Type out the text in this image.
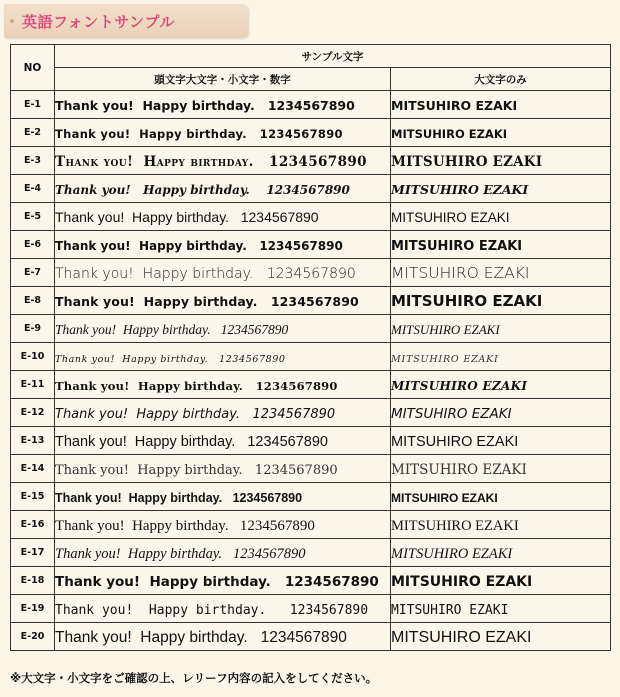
英語フォントサンプル
NO	サンプル文字	
	頭文字大文字・小文字・数字	大文字のみ
E-1	Thank you!  Happy birthday.   1234567890	MITSUHIRO EZAKI
E-2	Thank you!  Happy birthday.   1234567890	MITSUHIRO EZAKI
E-3	Thank you!  Happy birthday.   1234567890	MITSUHIRO EZAKI
E-4	Thank you!   Happy birthday.    1234567890	MITSUHIRO EZAKI
E-5	Thank you!  Happy birthday.   1234567890	MITSUHIRO EZAKI
E-6	Thank you!  Happy birthday.   1234567890	MITSUHIRO EZAKI
E-7	Thank you!  Happy birthday.   1234567890	MITSUHIRO EZAKI
E-8	Thank you!  Happy birthday.   1234567890	MITSUHIRO EZAKI
E-9	Thank you!  Happy birthday.   1234567890	MITSUHIRO EZAKI
E-10	Thank you!  Happy birthday.   1234567890	MITSUHIRO EZAKI
E-11	Thank you!  Happy birthday.   1234567890	MITSUHIRO EZAKI
E-12	Thank you!  Happy birthday.   1234567890	MITSUHIRO EZAKI
E-13	Thank you!  Happy birthday.   1234567890	MITSUHIRO EZAKI
E-14	Thank you!  Happy birthday.   1234567890	MITSUHIRO EZAKI
E-15	Thank you!  Happy birthday.   1234567890	MITSUHIRO EZAKI
E-16	Thank you!  Happy birthday.   1234567890	MITSUHIRO EZAKI
E-17	Thank you!  Happy birthday.   1234567890	MITSUHIRO EZAKI
E-18	Thank you!  Happy birthday.   1234567890	MITSUHIRO EZAKI
E-19	Thank you!  Happy birthday.   1234567890	MITSUHIRO EZAKI
E-20	Thank you!  Happy birthday.   1234567890	MITSUHIRO EZAKI
※大文字・小文字をご確認の上、レリーフ内容の記入をしてください。
